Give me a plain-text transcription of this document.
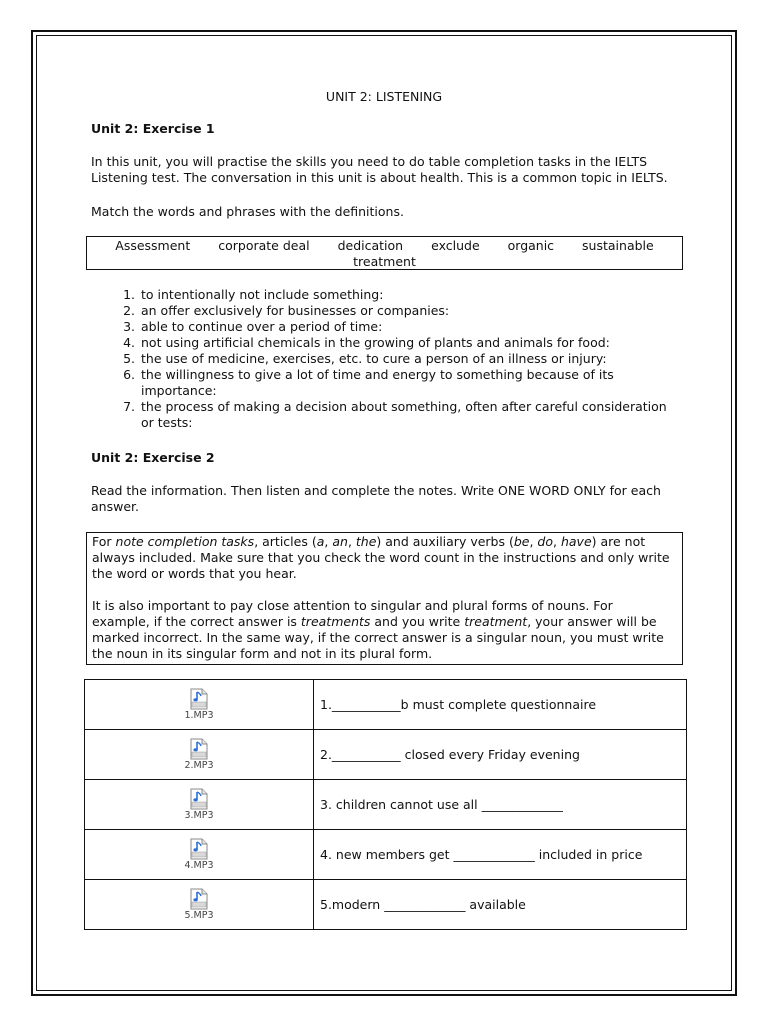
UNIT 2: LISTENING
Unit 2: Exercise 1

In this unit, you will practise the skills you need to do table completion tasks in the IELTS

Listening test. The conversation in this unit is about health. This is a common topic in IELTS.

Match the words and phrases with the definitions.

Assessment corporate deal dedication exclude organic sustainable
treatment
1. to intentionally not include something:
2. an offer exclusively for businesses or companies:
3. able to continue over a period of time:
4. not using artificial chemicals in the growing of plants and animals for food:
5. the use of medicine, exercises, etc. to cure a person of an illness or injury:
6. the willingness to give a lot of time and energy to something because of its importance:
7. the process of making a decision about something, often after careful consideration or tests:
Unit 2: Exercise 2

Read the information. Then listen and complete the notes. Write ONE WORD ONLY for each

answer.

For note completion tasks, articles (a, an, the) and auxiliary verbs (be, do, have) are not

always included. Make sure that you check the word count in the instructions and only write

the word or words that you hear.

It is also important to pay close attention to singular and plural forms of nouns. For

example, if the correct answer is treatments and you write treatment, your answer will be

marked incorrect. In the same way, if the correct answer is a singular noun, you must write

the noun in its singular form and not in its plural form.

1.MP3	1.___________b must complete questionnaire

2.MP3	2.___________ closed every Friday evening

3.MP3	3. children cannot use all _____________

4.MP3	4. new members get _____________ included in price

5.MP3	5.modern _____________ available
